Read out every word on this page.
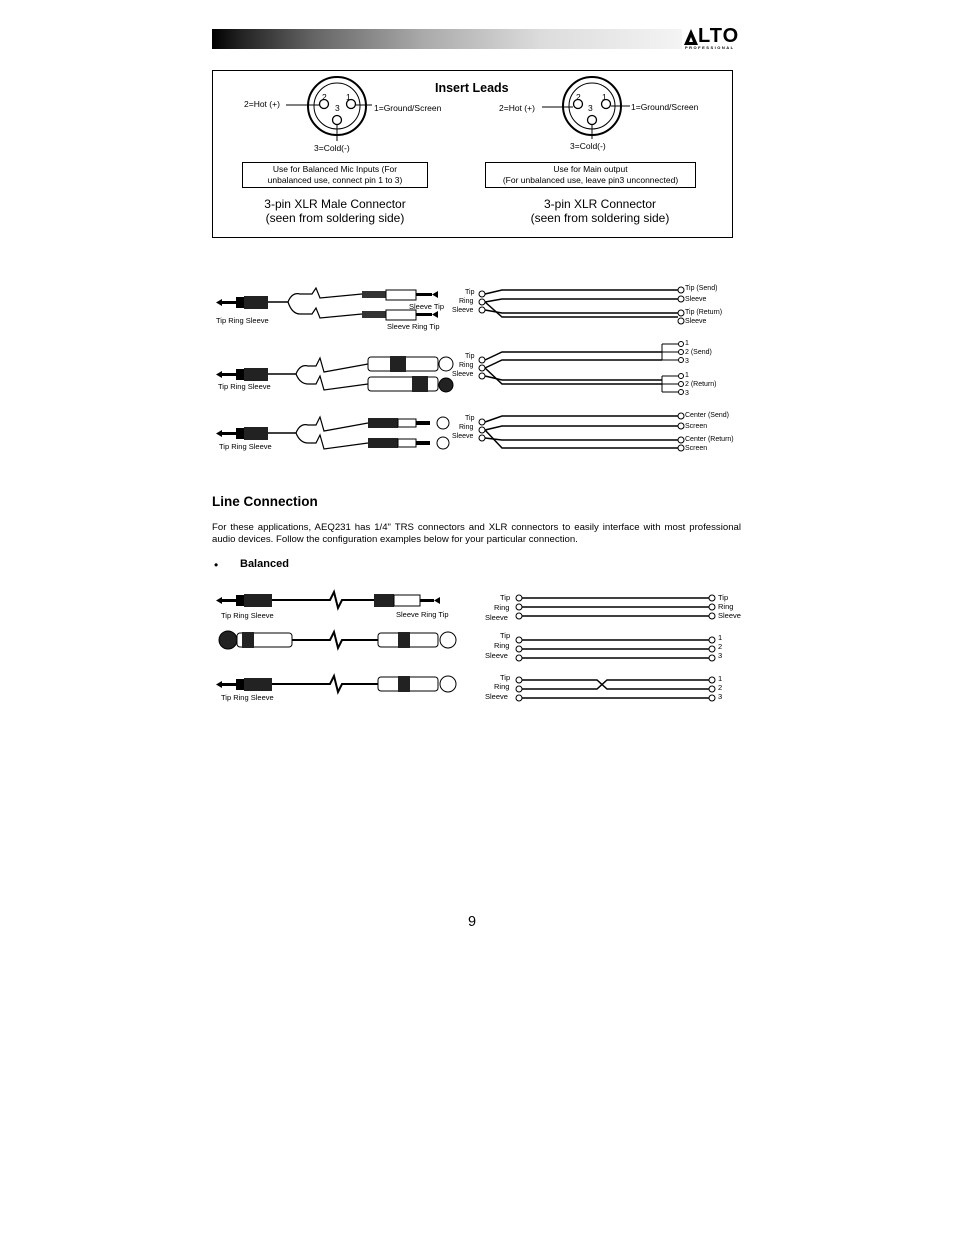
LTO
PROFESSIONAL
2=Hot (+)	1=Ground/Screen
3=Cold(-)
2 1
3
Insert Leads
2=Hot (+)	1=Ground/Screen
3=Cold(-)
2	1
3
Use for Balanced Mic Inputs (For
unbalanced use, connect pin 1 to 3)
Use for Main output
(For unbalanced use, leave pin3 unconnected)
3-pin XLR Male Connector
(seen from soldering side)
3-pin XLR Connector
(seen from soldering side)
Tip Ring Sleeve
Sleeve Tip
Sleeve Ring Tip
Tip Ring Sleeve
Tip Ring Sleeve
Tip
Ring
Sleeve
Tip (Send)
Sleeve
Tip (Return)
Sleeve
Tip
Ring
Sleeve
1
2 (Send)
3
1
2 (Return)
3
Tip
Ring
Sleeve
Center (Send)
Screen
Center (Return)
Screen
Line Connection
For these applications, AEQ231 has 1/4" TRS connectors and XLR connectors to easily interface with most professional audio devices. Follow the configuration examples below for your particular connection.
• Balanced
Tip Ring Sleeve	Sleeve Ring Tip
Tip Ring Sleeve
Tip
Ring
Sleeve
Tip
Ring
Sleeve
Tip
Ring
Sleeve
1
2
3
Tip
Ring
Sleeve
1
2
3
9
